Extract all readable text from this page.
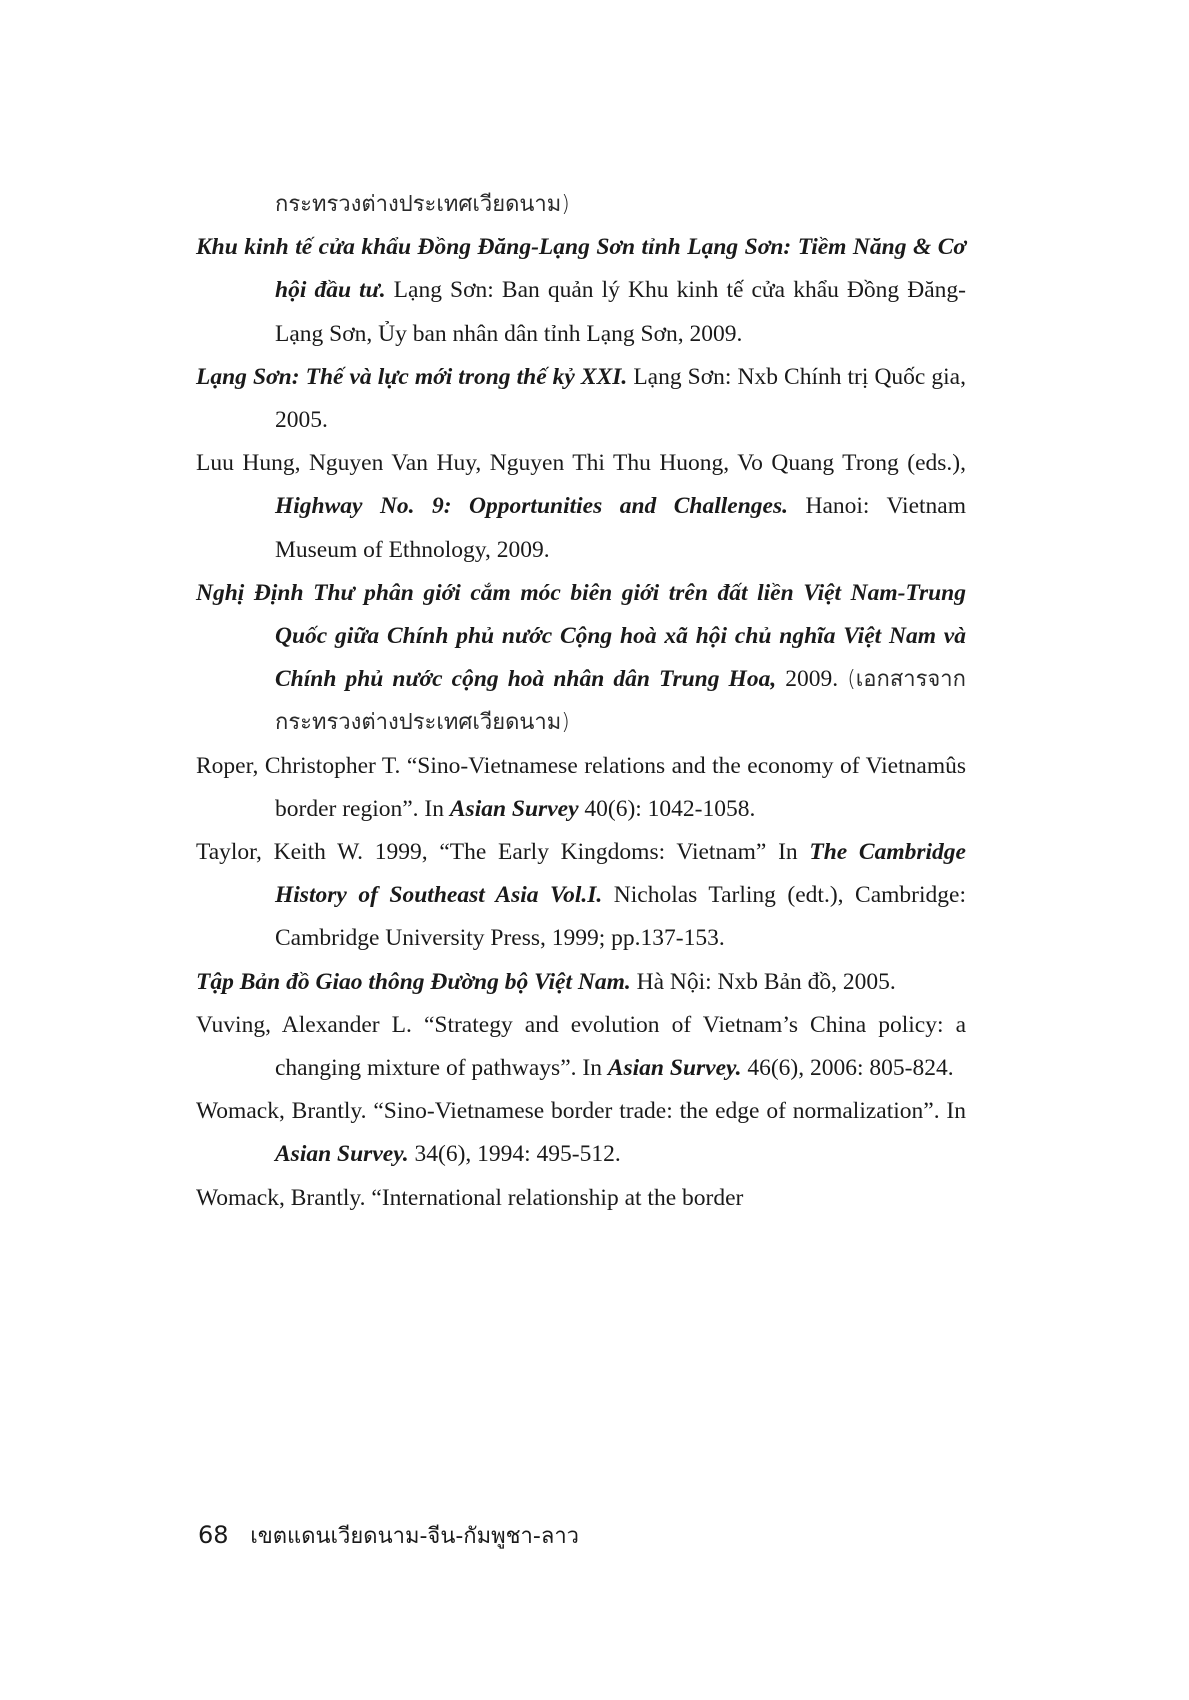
กระทรวงต่างประเทศเวียดนาม)
Khu kinh tế cửa khẩu Đồng Đăng-Lạng Sơn tỉnh Lạng Sơn: Tiềm Năng & Cơ hội đầu tư. Lạng Sơn: Ban quản lý Khu kinh tế cửa khẩu Đồng Đăng-Lạng Sơn, Ủy ban nhân dân tỉnh Lạng Sơn, 2009.
Lạng Sơn: Thế và lực mới trong thế kỷ XXI. Lạng Sơn: Nxb Chính trị Quốc gia, 2005.
Luu Hung, Nguyen Van Huy, Nguyen Thi Thu Huong, Vo Quang Trong (eds.), Highway No. 9: Opportunities and Challenges. Hanoi: Vietnam Museum of Ethnology, 2009.
Nghị Định Thư phân giới cắm móc biên giới trên đất liền Việt Nam-Trung Quốc giữa Chính phủ nước Cộng hoà xã hội chủ nghĩa Việt Nam và Chính phủ nước cộng hoà nhân dân Trung Hoa, 2009. (เอกสารจากกระทรวงต่างประเทศเวียดนาม)
Roper, Christopher T. “Sino-Vietnamese relations and the economy of Vietnamûs border region”. In Asian Survey 40(6): 1042-1058.
Taylor, Keith W. 1999, “The Early Kingdoms: Vietnam” In The Cambridge History of Southeast Asia Vol.I. Nicholas Tarling (edt.), Cambridge: Cambridge University Press, 1999; pp.137-153.
Tập Bản đồ Giao thông Đường bộ Việt Nam. Hà Nội: Nxb Bản đồ, 2005.
Vuving, Alexander L. “Strategy and evolution of Vietnam’s China policy: a changing mixture of pathways”. In Asian Survey. 46(6), 2006: 805-824.
Womack, Brantly. “Sino-Vietnamese border trade: the edge of normalization”. In Asian Survey. 34(6), 1994: 495-512.
Womack, Brantly. “International relationship at the border
68 เขตแดนเวียดนาม-จีน-กัมพูชา-ลาว
